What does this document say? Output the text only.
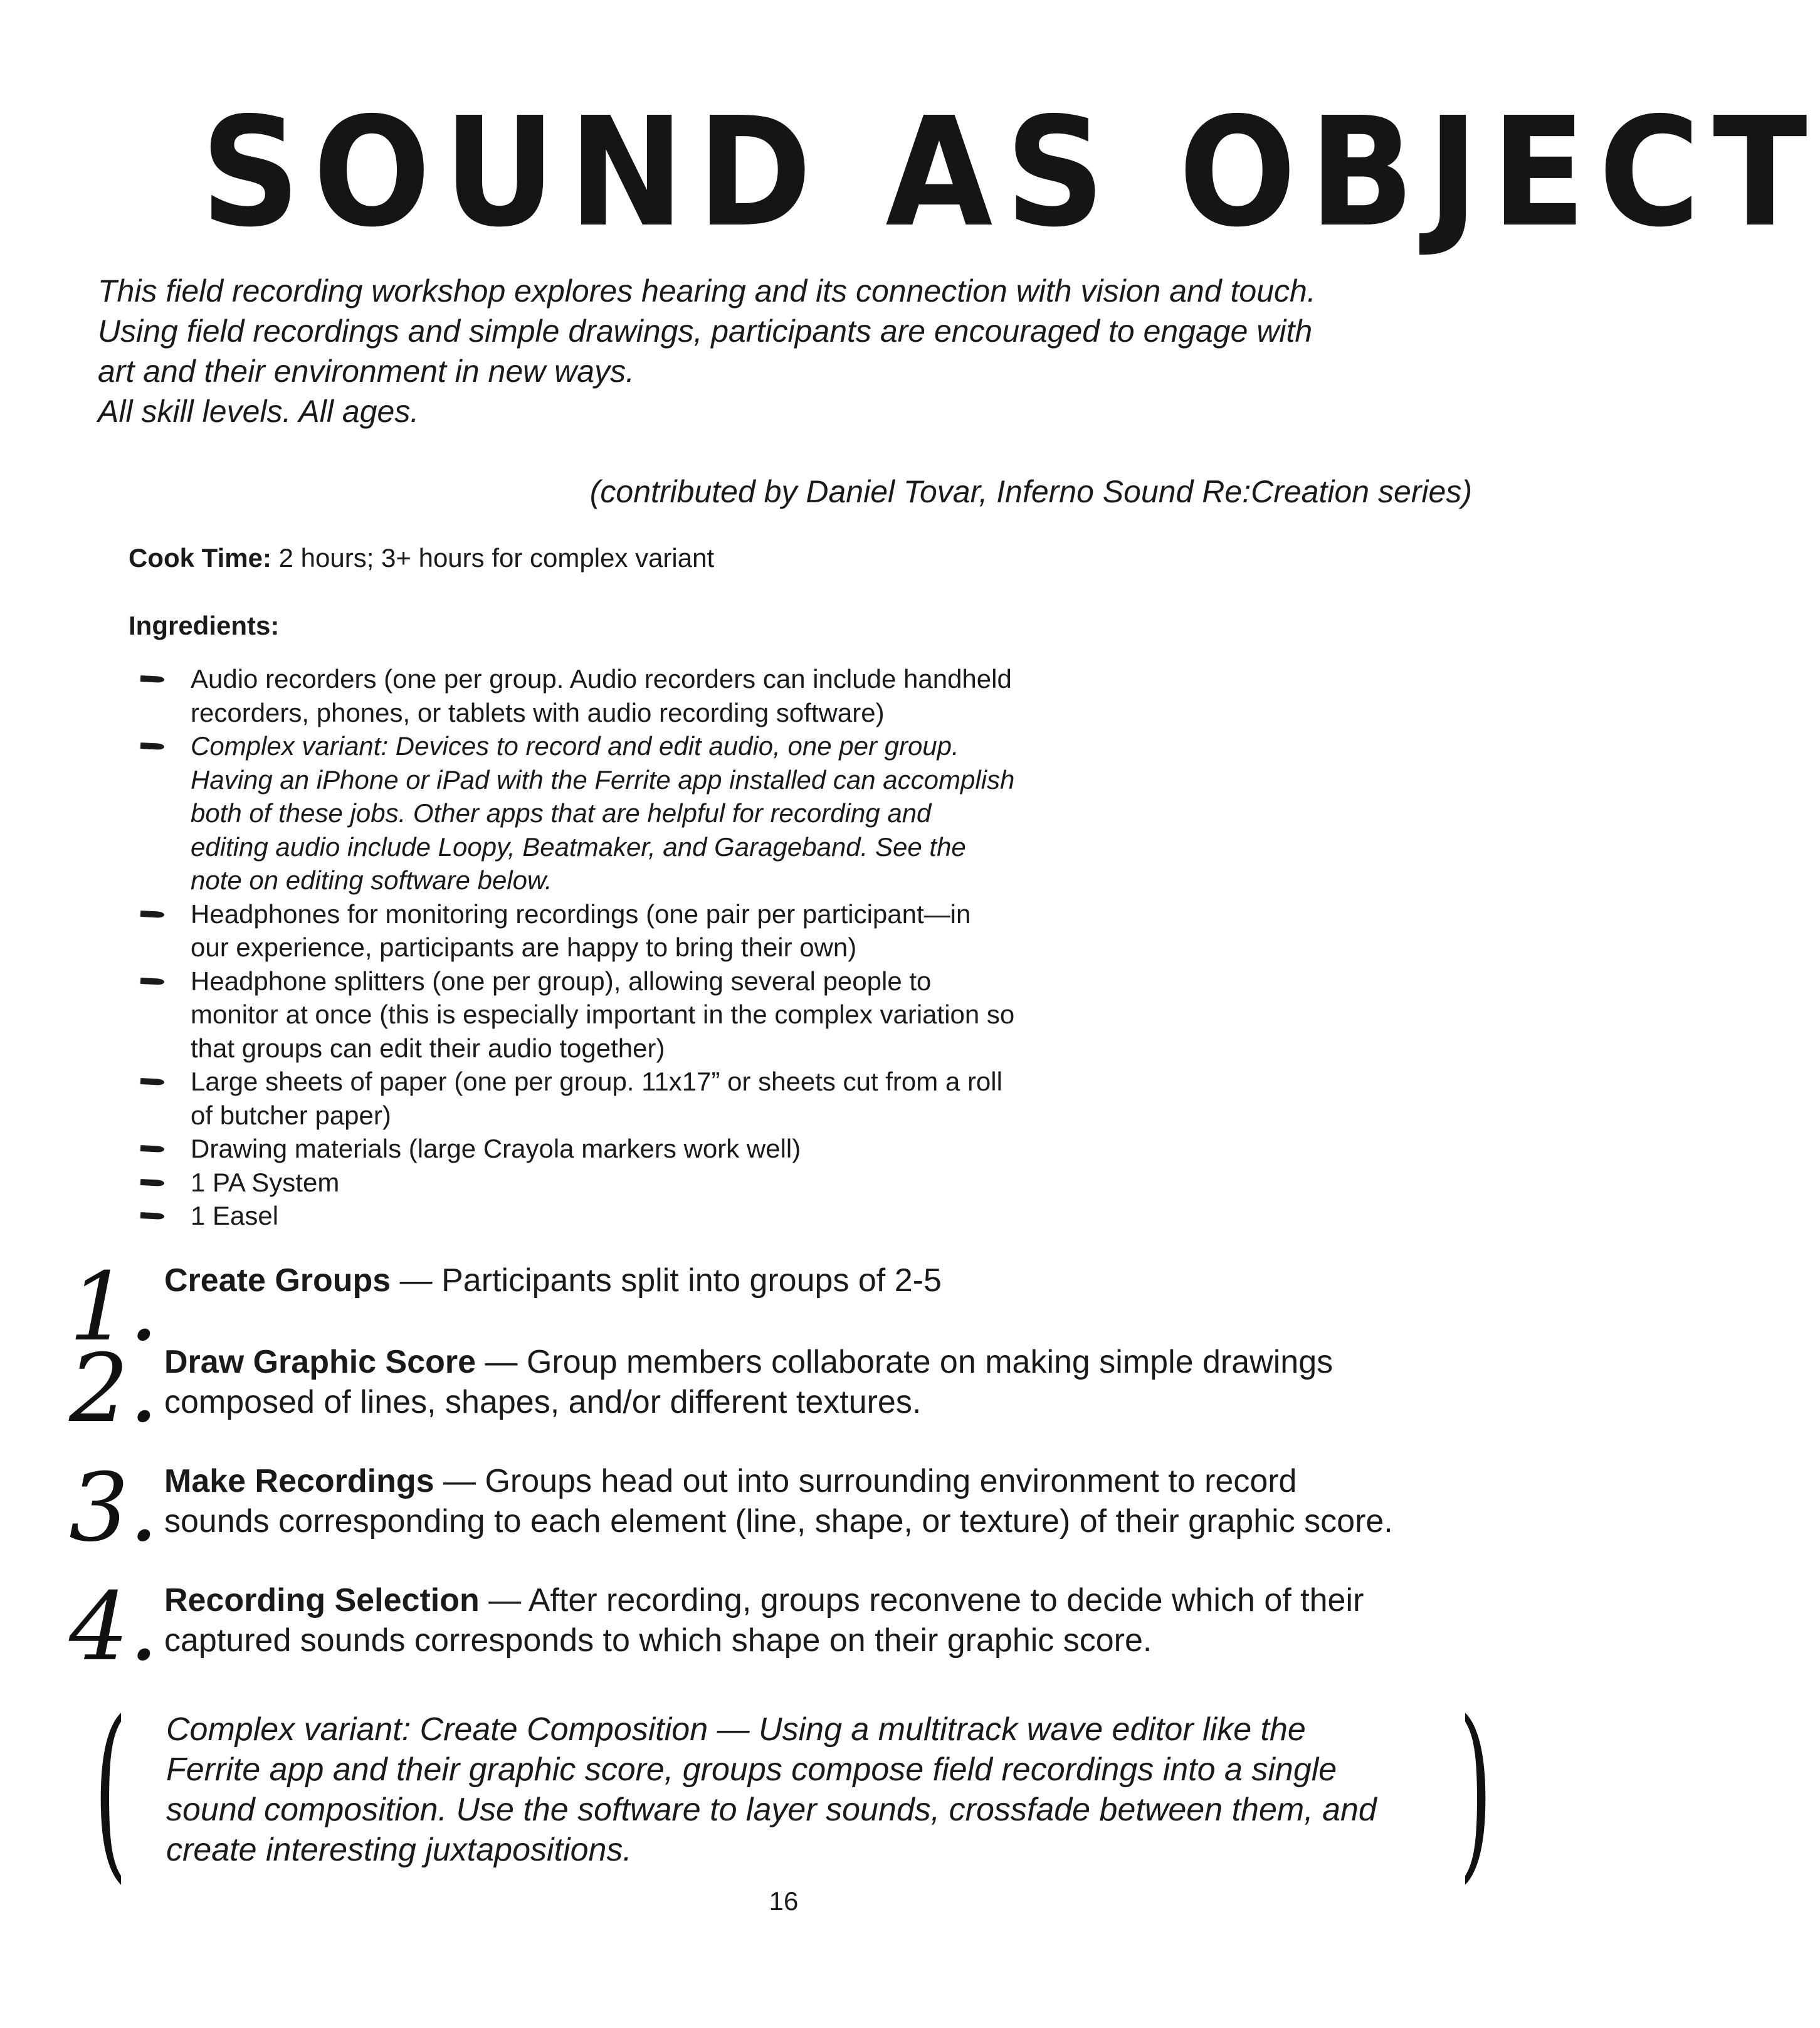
SOUND AS OBJECT

This field recording workshop explores hearing and its connection with vision and touch.

Using field recordings and simple drawings, participants are encouraged to engage with

art and their environment in new ways.

All skill levels. All ages.

(contributed by Daniel Tovar, Inferno Sound Re:Creation series)
Cook Time: 2 hours; 3+ hours for complex variant
Ingredients:
Audio recorders (one per group. Audio recorders can include handheld
recorders, phones, or tablets with audio recording software)
Complex variant: Devices to record and edit audio, one per group.
Having an iPhone or iPad with the Ferrite app installed can accomplish
both of these jobs. Other apps that are helpful for recording and
editing audio include Loopy, Beatmaker, and Garageband. See the
note on editing software below.
Headphones for monitoring recordings (one pair per participant—in
our experience, participants are happy to bring their own)
Headphone splitters (one per group), allowing several people to
monitor at once (this is especially important in the complex variation so
that groups can edit their audio together)
Large sheets of paper (one per group. 11x17” or sheets cut from a roll
of butcher paper)
Drawing materials (large Crayola markers work well)
1 PA System
1 Easel
1. Create Groups — Participants split into groups of 2-5
2. Draw Graphic Score — Group members collaborate on making simple drawings
composed of lines, shapes, and/or different textures.
3. Make Recordings — Groups head out into surrounding environment to record
sounds corresponding to each element (line, shape, or texture) of their graphic score.
4. Recording Selection — After recording, groups reconvene to decide which of their
captured sounds corresponds to which shape on their graphic score.
( Complex variant: Create Composition — Using a multitrack wave editor like the
Ferrite app and their graphic score, groups compose field recordings into a single
sound composition. Use the software to layer sounds, crossfade between them, and
create interesting juxtapositions.	)
16
